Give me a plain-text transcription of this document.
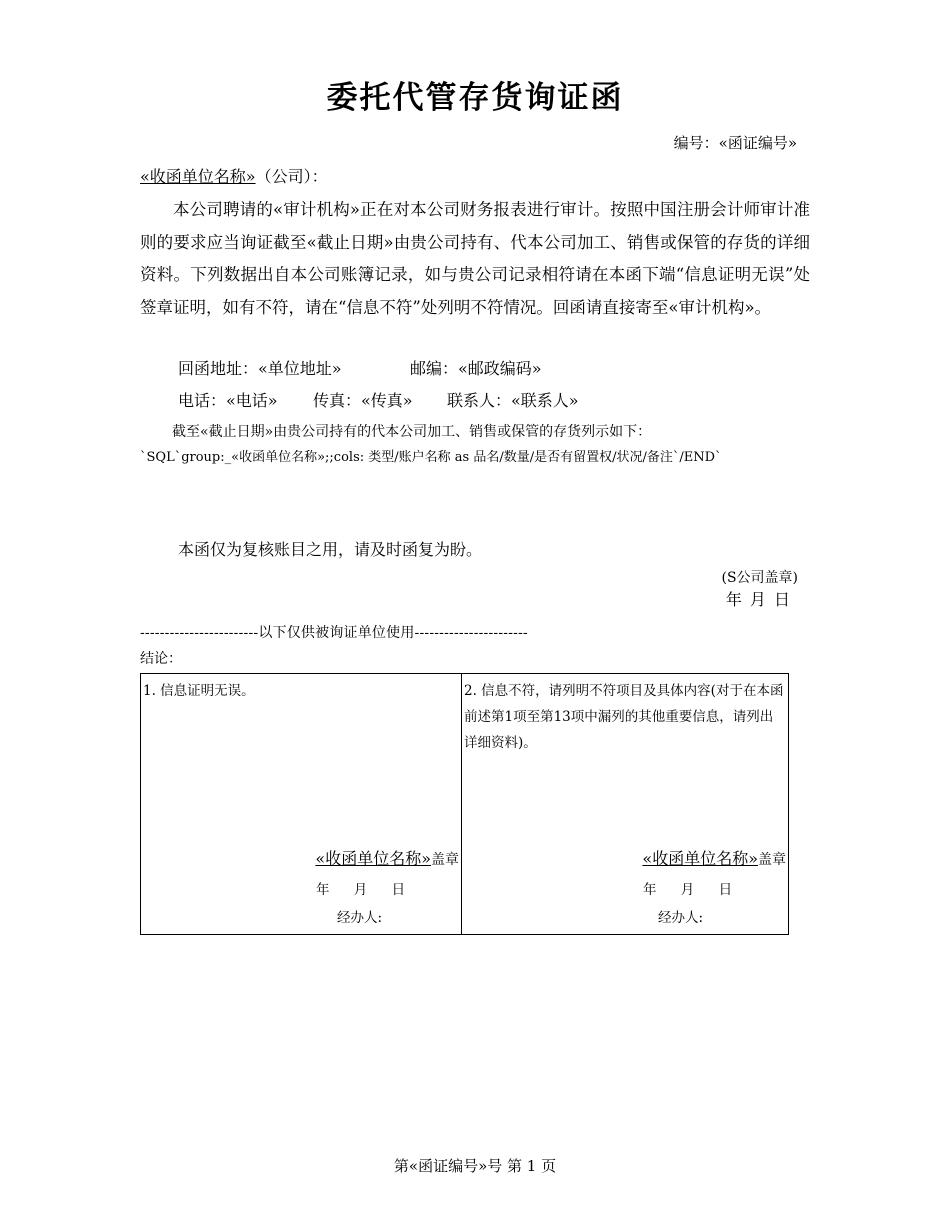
委托代管存货询证函
编号：«函证编号»
«收函单位名称»（公司）：
本公司聘请的«审计机构»正在对本公司财务报表进行审计。按照中国注册会计师审计准则的要求应当询证截至«截止日期»由贵公司持有、代本公司加工、销售或保管的存货的详细资料。下列数据出自本公司账簿记录，如与贵公司记录相符请在本函下端“信息证明无误”处签章证明，如有不符，请在“信息不符”处列明不符情况。回函请直接寄至«审计机构»。
回函地址：«单位地址»	邮编：«邮政编码»
电话：«电话» 传真：«传真» 联系人：«联系人»
截至«截止日期»由贵公司持有的代本公司加工、销售或保管的存货列示如下：
`SQL`group:_«收函单位名称»;;cols: 类型/账户名称 as 品名/数量/是否有留置权/状况/备注`/END`
本函仅为复核账目之用，请及时函复为盼。
(S公司盖章)
年 月 日
------------------------以下仅供被询证单位使用-----------------------
结论：
1. 信息证明无误。
«收函单位名称»盖章
年 月 日
经办人:

2. 信息不符，请列明不符项目及具体内容(对于在本函前述第1项至第13项中漏列的其他重要信息，请列出详细资料)。
«收函单位名称»盖章
年 月 日
经办人:
第«函证编号»号 第 1 页
